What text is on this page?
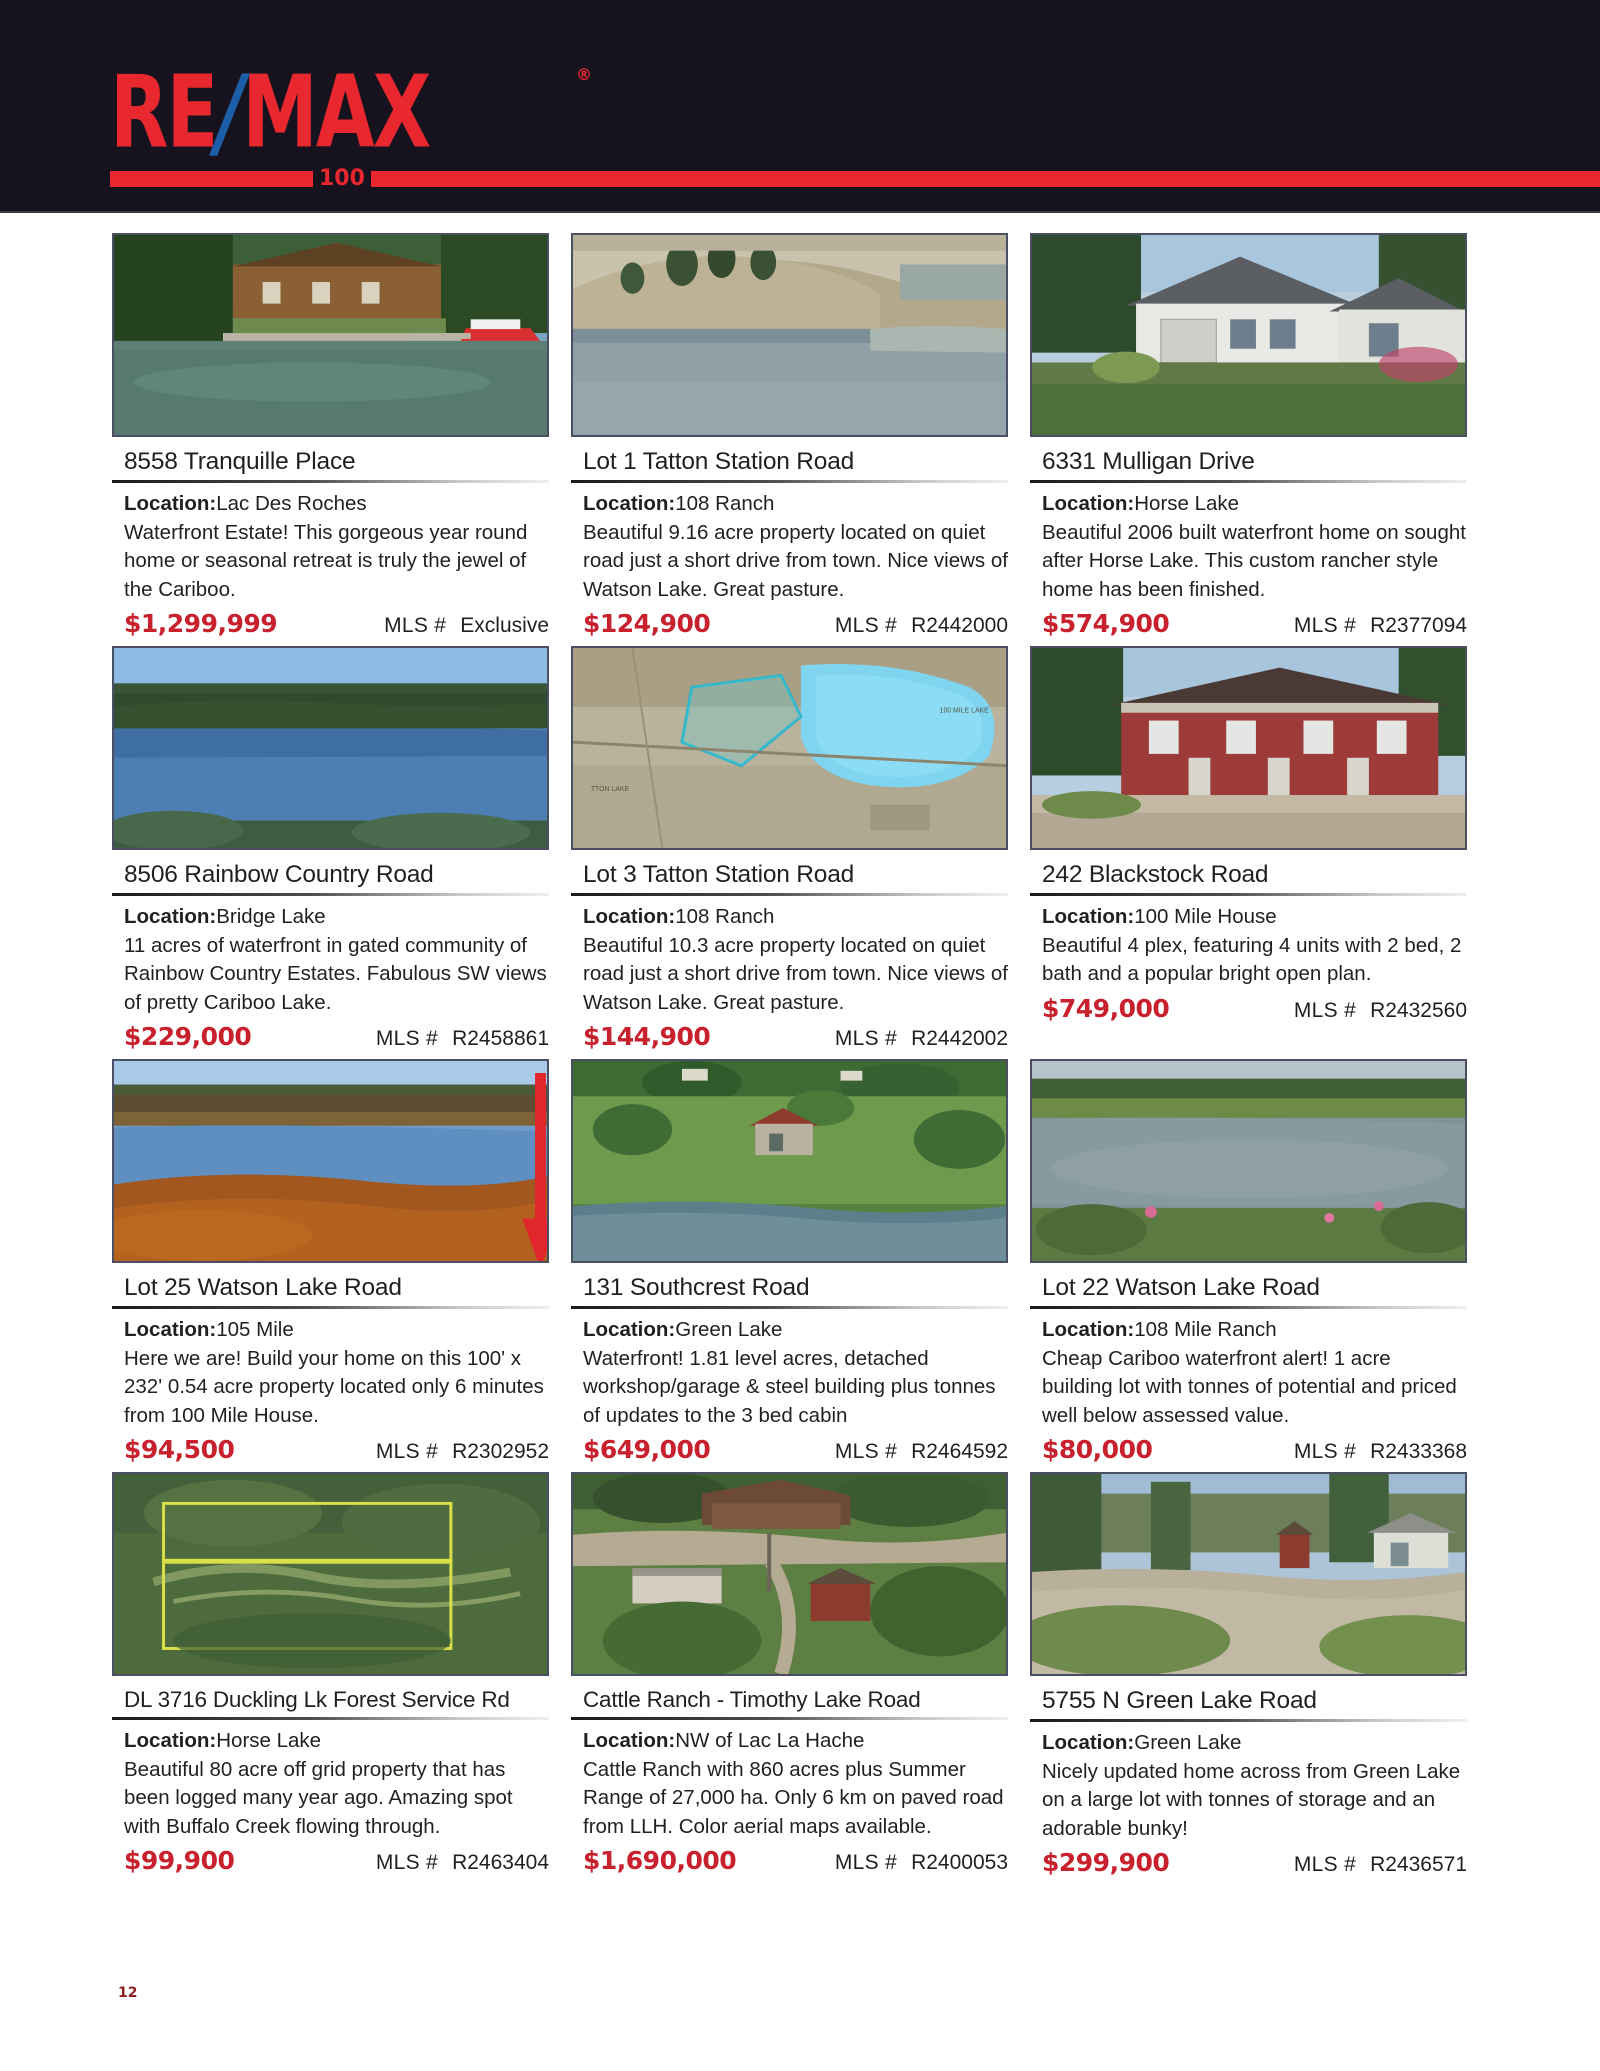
RE/MAX	®
100
8558 Tranquille Place
Location:Lac Des Roches
Waterfront Estate! This gorgeous year round home or seasonal retreat is truly the jewel of the Cariboo.
$1,299,999	MLS # Exclusive
Lot 1 Tatton Station Road
Location:108 Ranch
Beautiful 9.16 acre property located on quiet road just a short drive from town. Nice views of Watson Lake. Great pasture.
$124,900	MLS # R2442000
6331 Mulligan Drive
Location:Horse Lake
Beautiful 2006 built waterfront home on sought after Horse Lake. This custom rancher style home has been finished.
$574,900	MLS # R2377094
8506 Rainbow Country Road
Location:Bridge Lake
11 acres of waterfront in gated community of Rainbow Country Estates. Fabulous SW views of pretty Cariboo Lake.
$229,000	MLS # R2458861
100 MILE LAKE
TTON LAKE
Lot 3 Tatton Station Road
Location:108 Ranch
Beautiful 10.3 acre property located on quiet road just a short drive from town. Nice views of Watson Lake. Great pasture.
$144,900	MLS # R2442002
242 Blackstock Road
Location:100 Mile House
Beautiful 4 plex, featuring 4 units with 2 bed, 2 bath and a popular bright open plan.
$749,000	MLS # R2432560
Lot 25 Watson Lake Road
Location:105 Mile
Here we are! Build your home on this 100' x 232' 0.54 acre property located only 6 minutes from 100 Mile House.
$94,500	MLS # R2302952
131 Southcrest Road
Location:Green Lake
Waterfront! 1.81 level acres, detached workshop/garage & steel building plus tonnes of updates to the 3 bed cabin
$649,000	MLS # R2464592
Lot 22 Watson Lake Road
Location:108 Mile Ranch
Cheap Cariboo waterfront alert! 1 acre building lot with tonnes of potential and priced well below assessed value.
$80,000	MLS # R2433368
DL 3716 Duckling Lk Forest Service Rd
Location:Horse Lake
Beautiful 80 acre off grid property that has been logged many year ago. Amazing spot with Buffalo Creek flowing through.
$99,900	MLS # R2463404
Cattle Ranch - Timothy Lake Road
Location:NW of Lac La Hache
Cattle Ranch with 860 acres plus Summer Range of 27,000 ha. Only 6 km on paved road from LLH. Color aerial maps available.
$1,690,000	MLS # R2400053
5755 N Green Lake Road
Location:Green Lake
Nicely updated home across from Green Lake on a large lot with tonnes of storage and an adorable bunky!
$299,900	MLS # R2436571
12
